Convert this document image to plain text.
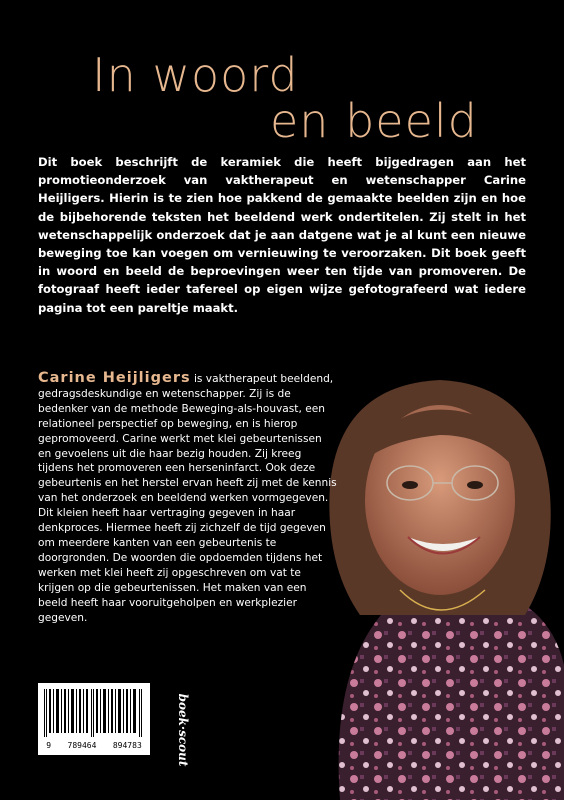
In woord
en beeld
Dit boek beschrijft de keramiek die heeft bijgedragen aan het promotieonderzoek van vaktherapeut en wetenschapper Carine Heijligers. Hierin is te zien hoe pakkend de gemaakte beelden zijn en hoe de bijbehorende teksten het beeldend werk ondertitelen. Zij stelt in het wetenschappelijk onderzoek dat je aan datgene wat je al kunt een nieuwe beweging toe kan voegen om vernieuwing te veroorzaken. Dit boek geeft in woord en beeld de beproevingen weer ten tijde van promoveren. De fotograaf heeft ieder tafereel op eigen wijze gefotografeerd wat iedere pagina tot een pareltje maakt.
Carine Heijligers is vaktherapeut beeldend, gedragsdeskundige en wetenschapper. Zij is de bedenker van de methode Beweging-als-houvast, een relationeel perspectief op beweging, en is hierop gepromoveerd. Carine werkt met klei gebeurtenissen en gevoelens uit die haar bezig houden. Zij kreeg tijdens het promoveren een herseninfarct. Ook deze gebeurtenis en het herstel ervan heeft zij met de kennis van het onderzoek en beeldend werken vormgegeven. Dit kleien heeft haar vertraging gegeven in haar denkproces. Hiermee heeft zij zichzelf de tijd gegeven om meerdere kanten van een gebeurtenis te doorgronden. De woorden die opdoemden tijdens het werken met klei heeft zij opgeschreven om vat te krijgen op die gebeurtenissen. Het maken van een beeld heeft haar vooruitgeholpen en werkplezier gegeven.
9 789464 894783	boek·scout
